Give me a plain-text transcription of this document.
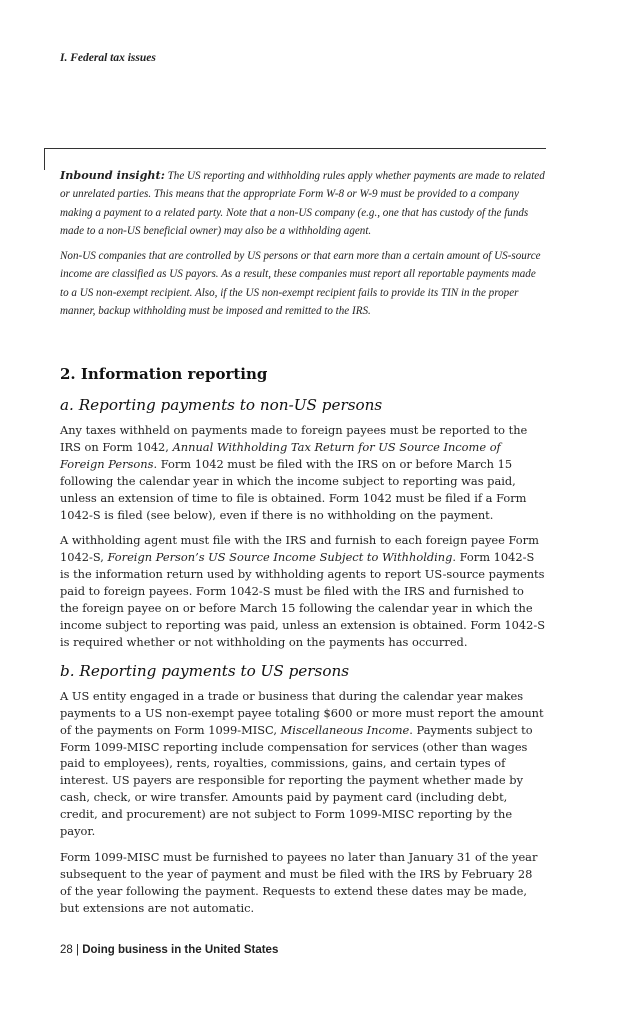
I. Federal tax issues

Inbound insight: The US reporting and withholding rules apply whether payments are made to related or unrelated parties. This means that the appropriate Form W-8 or W-9 must be provided to a company making a payment to a related party. Note that a non-US company (e.g., one that has custody of the funds made to a non-US beneficial owner) may also be a withholding agent.

Non-US companies that are controlled by US persons or that earn more than a certain amount of US-source income are classified as US payors. As a result, these companies must report all reportable payments made to a US non-exempt recipient. Also, if the US non-exempt recipient fails to provide its TIN in the proper manner, backup withholding must be imposed and remitted to the IRS.

2. Information reporting
a. Reporting payments to non-US persons

Any taxes withheld on payments made to foreign payees must be reported to the IRS on Form 1042, Annual Withholding Tax Return for US Source Income of Foreign Persons. Form 1042 must be filed with the IRS on or before March 15 following the calendar year in which the income subject to reporting was paid, unless an extension of time to file is obtained. Form 1042 must be filed if a Form 1042-S is filed (see below), even if there is no withholding on the payment.

A withholding agent must file with the IRS and furnish to each foreign payee Form 1042-S, Foreign Person’s US Source Income Subject to Withholding. Form 1042-S is the information return used by withholding agents to report US-source payments paid to foreign payees. Form 1042-S must be filed with the IRS and furnished to the foreign payee on or before March 15 following the calendar year in which the income subject to reporting was paid, unless an extension is obtained. Form 1042-S is required whether or not withholding on the payments has occurred.

b. Reporting payments to US persons

A US entity engaged in a trade or business that during the calendar year makes payments to a US non-exempt payee totaling $600 or more must report the amount of the payments on Form 1099-MISC, Miscellaneous Income. Payments subject to Form 1099-MISC reporting include compensation for services (other than wages paid to employees), rents, royalties, commissions, gains, and certain types of interest. US payers are responsible for reporting the payment whether made by cash, check, or wire transfer. Amounts paid by payment card (including debt, credit, and procurement) are not subject to Form 1099-MISC reporting by the payor.

Form 1099-MISC must be furnished to payees no later than January 31 of the year subsequent to the year of payment and must be filed with the IRS by February 28 of the year following the payment. Requests to extend these dates may be made, but extensions are not automatic.

28 | Doing business in the United States
